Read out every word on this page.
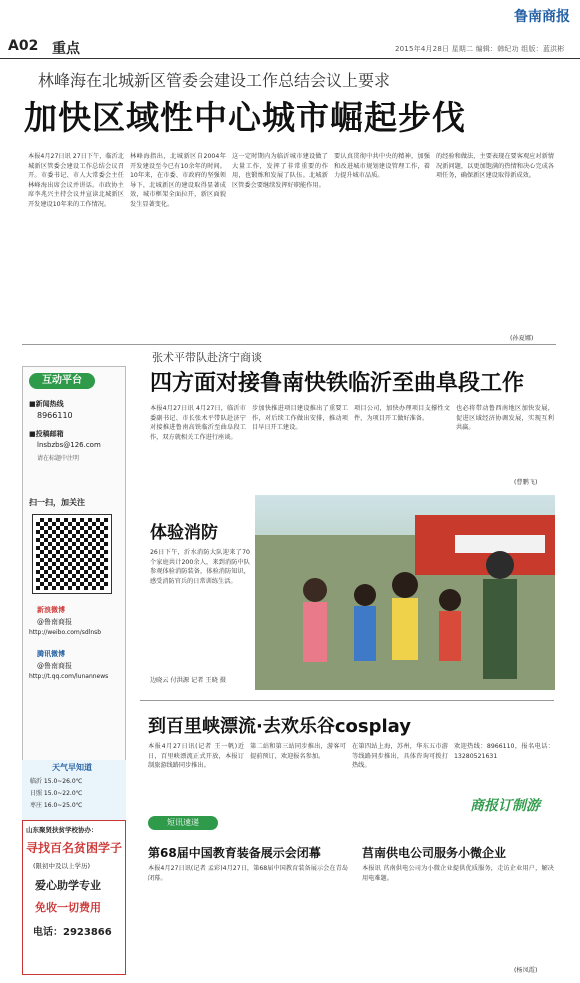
鲁南商报
A02 重点	2015年4月28日 星期二 编辑：韩纪功 组版：蓝洪彬
林峰海在北城新区管委会建设工作总结会议上要求
加快区域性中心城市崛起步伐
本报4月27日讯 27日下午，临沂北城新区管委会建设工作总结会议召开。市委书记、市人大常委会主任林峰海出席会议并讲话。市政协主席李兆兴主持会议并宣读北城新区开发建设10年来的工作情况。
林峰海指出，北城新区自2004年开发建设至今已有10余年的时间。10年来，在市委、市政府的坚强领导下，北城新区的建设取得显著成效，城市框架全面拉开，新区面貌发生显著变化。
这一定时期内为临沂城市建设做了大量工作，发挥了非常重要的作用，也锻炼和发展了队伍。北城新区管委会要继续发挥好职能作用。
要认真贯彻中共中央的精神，加强和改进城市规划建设管理工作，着力提升城市品质。
的经验和做法，主要表现在要客观应对新情况新问题，以更加饱满的热情和决心完成各项任务，确保新区建设取得新成效。
(孙夏娜)
互动平台
■新闻热线
8966110
■投稿邮箱
lnsbzbs@126.com
请在标题中注明
扫一扫，加关注
新浪微博
@鲁南商报
http://weibo.com/sdlnsb
腾讯微博
@鲁南商报
http://t.qq.com/lunannews
张术平带队赴济宁商谈
四方面对接鲁南快铁临沂至曲阜段工作
本报4月27日讯 4月27日，临沂市委副书记、市长张术平带队赴济宁对接推进鲁南高铁临沂至曲阜段工作，双方就相关工作进行座谈。
步加快推进项目建设推出了重要工作，对后续工作做出安排，推动项目早日开工建设。
项目公司，加快办理项目支撑性文件，为项目开工做好准备。
也必将带动鲁西南地区加快发展，促进区域经济协调发展，实现互利共赢。
(曹鹏飞)
体验消防
26日下午，沂水消防大队迎来了70个家庭共计200余人，来到消防中队参观体验消防装备，体验消防知识，感受消防官兵的日常训练生活。
边晓云 付洪源 记者 王晓 摄
到百里峡漂流·去欢乐谷cosplay
本报4月27日讯(记者 王一帆)近日，百里峡漂流正式开放，本报订制旅游线路同步推出。
第二站和第三站同步推出，游客可提前预订，欢迎报名参加。
在第四站上海，苏州，华东五市游等线路同步推出，具体咨询可拨打热线。
欢迎热线：8966110，报名电话：13280521631
短讯速递
商报订制游
第68届中国教育装备展示会闭幕
本报4月27日讯(记者 孟彩)4月27日，第68届中国教育装备展示会在青岛闭幕。
莒南供电公司服务小微企业
本报讯 莒南供电公司为小微企业提供优质服务，走访企业用户，解决用电难题。
(杨凤霞)
天气早知道
临沂 15.0~26.0℃
日照 15.0~22.0℃
枣庄 16.0~25.0℃
山东聚贤扶贫学校协办：
寻找百名贫困学子
(限初中及以上学历)
爱心助学专业
免收一切费用
电话：2923866
